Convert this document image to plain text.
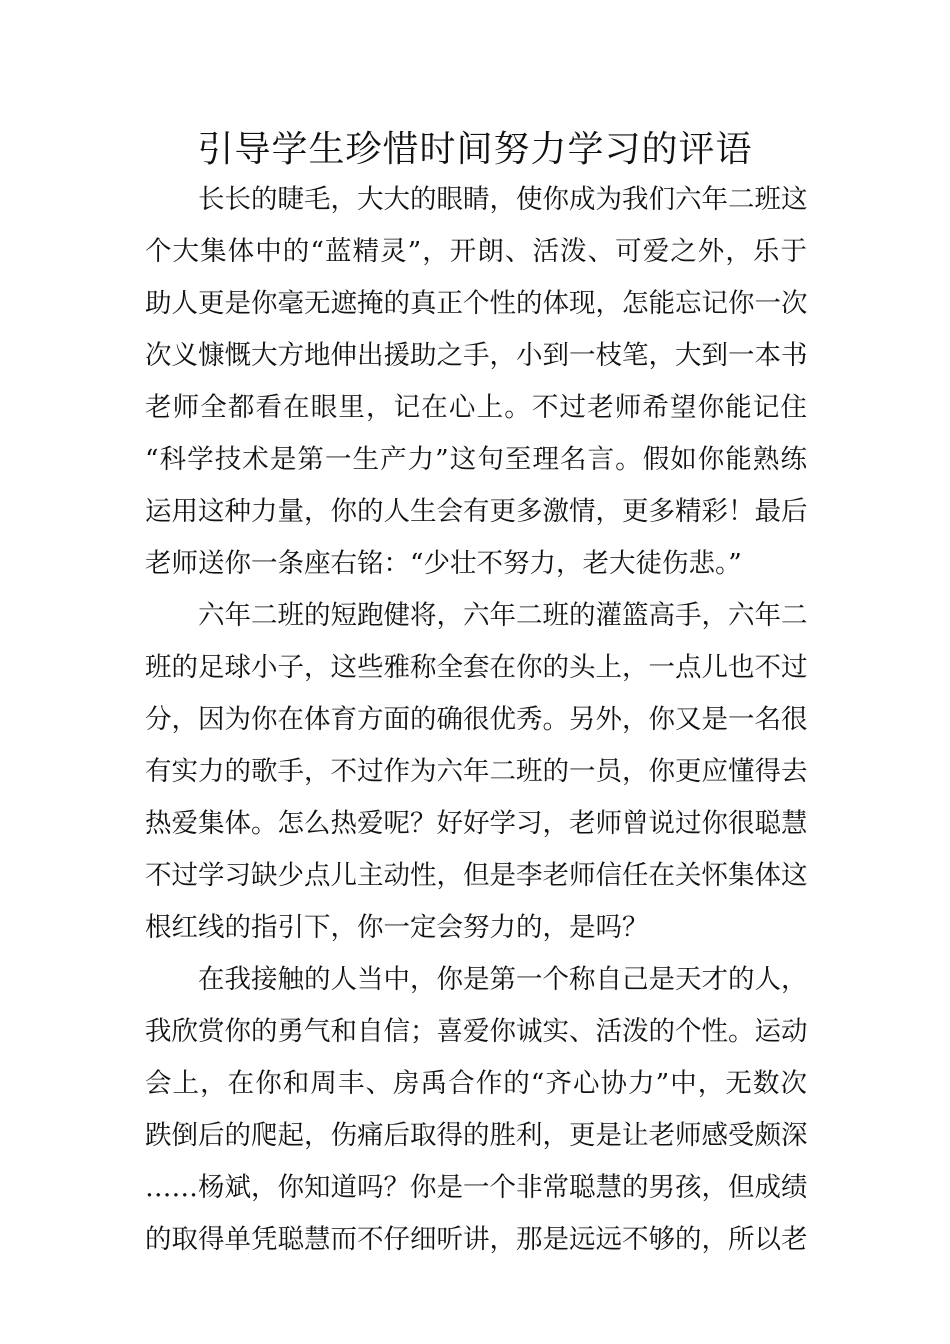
引导学生珍惜时间努力学习的评语
长长的睫毛，大大的眼睛，使你成为我们六年二班这
个大集体中的“蓝精灵”，开朗、活泼、可爱之外，乐于
助人更是你毫无遮掩的真正个性的体现，怎能忘记你一次
次义慷慨大方地伸出援助之手，小到一枝笔，大到一本书
老师全都看在眼里，记在心上。不过老师希望你能记住
“科学技术是第一生产力”这句至理名言。假如你能熟练
运用这种力量，你的人生会有更多激情，更多精彩！最后
老师送你一条座右铭：“少壮不努力，老大徒伤悲。”
六年二班的短跑健将，六年二班的灌篮高手，六年二
班的足球小子，这些雅称全套在你的头上，一点儿也不过
分，因为你在体育方面的确很优秀。另外，你又是一名很
有实力的歌手，不过作为六年二班的一员，你更应懂得去
热爱集体。怎么热爱呢？好好学习，老师曾说过你很聪慧
不过学习缺少点儿主动性，但是李老师信任在关怀集体这
根红线的指引下，你一定会努力的，是吗？
在我接触的人当中，你是第一个称自己是天才的人，
我欣赏你的勇气和自信；喜爱你诚实、活泼的个性。运动
会上，在你和周丰、房禹合作的“齐心协力”中，无数次
跌倒后的爬起，伤痛后取得的胜利，更是让老师感受颇深
……杨斌，你知道吗？你是一个非常聪慧的男孩，但成绩
的取得单凭聪慧而不仔细听讲，那是远远不够的，所以老
